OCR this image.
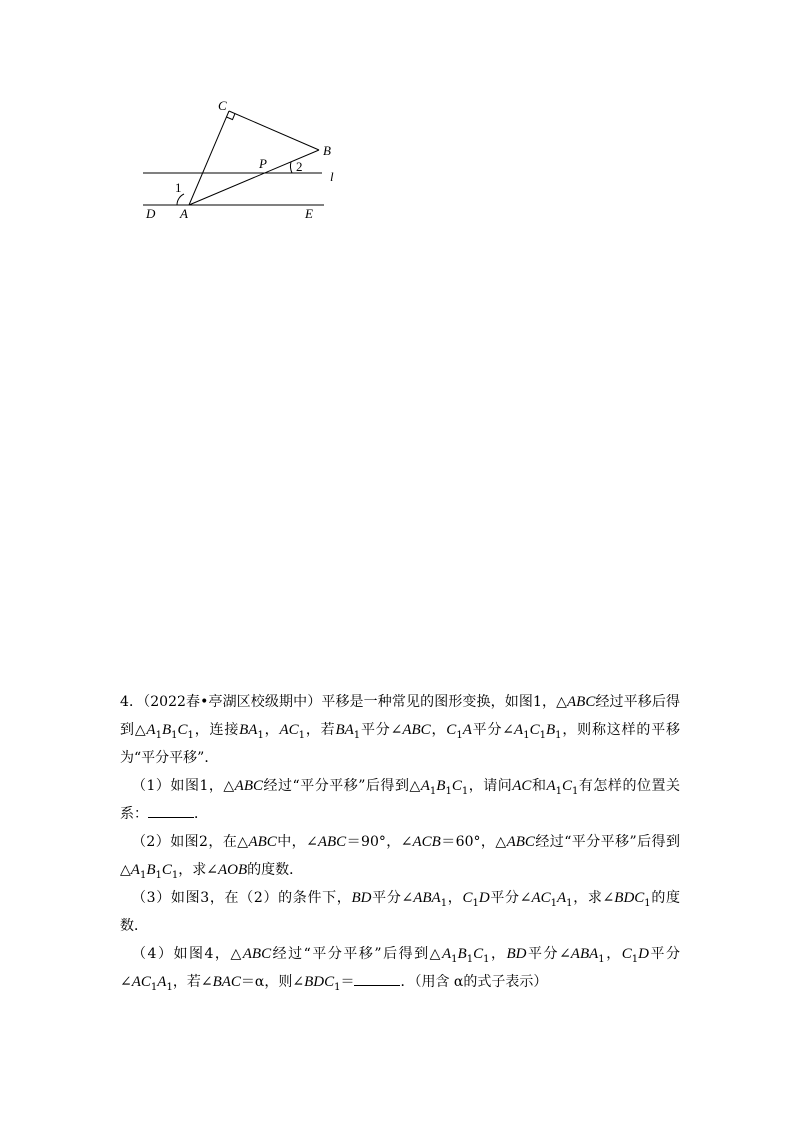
C
B
P 2
l
1
D A	E

4．（2022春•亭湖区校级期中）平移是一种常见的图形变换，如图1，△ABC经过平移后得到$\triangle A_1B_1C_1$，连接$BA_1$，$AC_1$，若$BA_1$平分∠ABC，$C_1A$平分$\angle A_1C_1B_1$，则称这样的平移为“平分平移”．

（1）如图1，△ABC经过“平分平移”后得到$\triangle A_1B_1C_1$，请问AC和$A_1C_1$有怎样的位置关系：	．

（2）如图2，在△ABC中，∠ABC＝90°，∠ACB＝60°，△ABC经过“平分平移”后得到$\triangle A_1B_1C_1$，求∠AOB的度数．

（3）如图3，在（2）的条件下，BD平分$\angle ABA_1$，$C_1D$平分$\angle AC_1A_1$，求$\angle BDC_1$的度数．

（4）如图4，△ABC经过“平分平移”后得到$\triangle A_1B_1C_1$，BD平分$\angle ABA_1$，$C_1D$平分$\angle AC_1A_1$，若∠BAC＝α，则$\angle BDC_1=$	．（用含 α的式子表示）
